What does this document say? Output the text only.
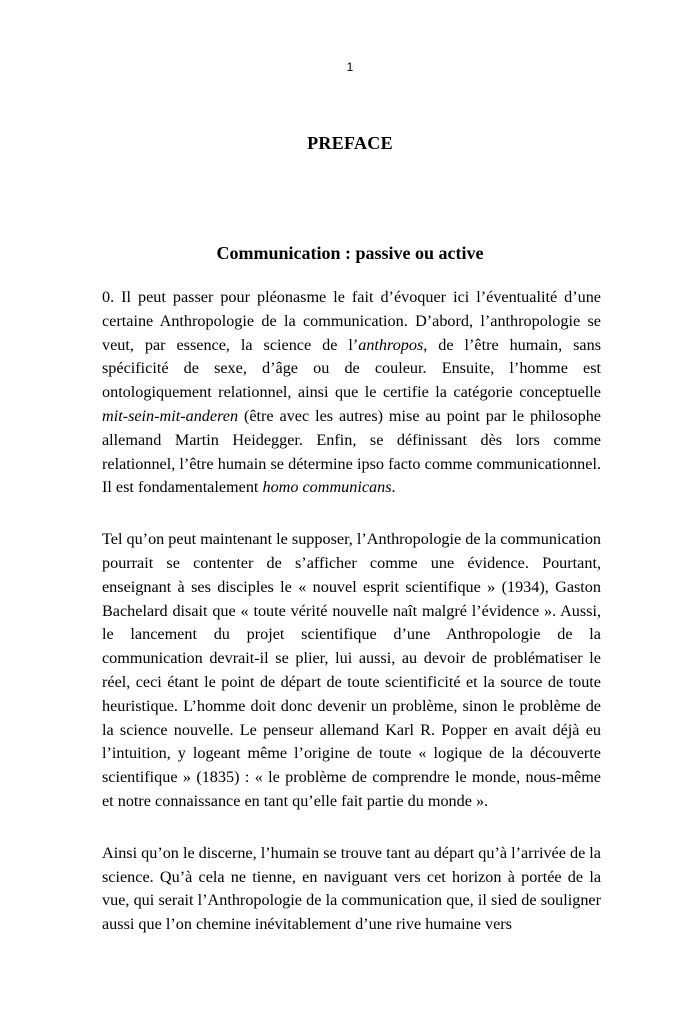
1
PREFACE
Communication : passive ou active

0. Il peut passer pour pléonasme le fait d’évoquer ici l’éventualité d’une certaine Anthropologie de la communication. D’abord, l’anthropologie se veut, par essence, la science de l’anthropos, de l’être humain, sans spécificité de sexe, d’âge ou de couleur. Ensuite, l’homme est ontologiquement relationnel, ainsi que le certifie la catégorie conceptuelle mit-sein-mit-anderen (être avec les autres) mise au point par le philosophe allemand Martin Heidegger. Enfin, se définissant dès lors comme relationnel, l’être humain se détermine ipso facto comme communicationnel. Il est fondamentalement homo communicans.

Tel qu’on peut maintenant le supposer, l’Anthropologie de la communication pourrait se contenter de s’afficher comme une évidence. Pourtant, enseignant à ses disciples le « nouvel esprit scientifique » (1934), Gaston Bachelard disait que « toute vérité nouvelle naît malgré l’évidence ». Aussi, le lancement du projet scientifique d’une Anthropologie de la communication devrait-il se plier, lui aussi, au devoir de problématiser le réel, ceci étant le point de départ de toute scientificité et la source de toute heuristique. L’homme doit donc devenir un problème, sinon le problème de la science nouvelle. Le penseur allemand Karl R. Popper en avait déjà eu l’intuition, y logeant même l’origine de toute « logique de la découverte scientifique » (1835) : « le problème de comprendre le monde, nous-même et notre connaissance en tant qu’elle fait partie du monde ».

Ainsi qu’on le discerne, l’humain se trouve tant au départ qu’à l’arrivée de la science. Qu’à cela ne tienne, en naviguant vers cet horizon à portée de la vue, qui serait l’Anthropologie de la communication que, il sied de souligner aussi que l’on chemine inévitablement d’une rive humaine vers
